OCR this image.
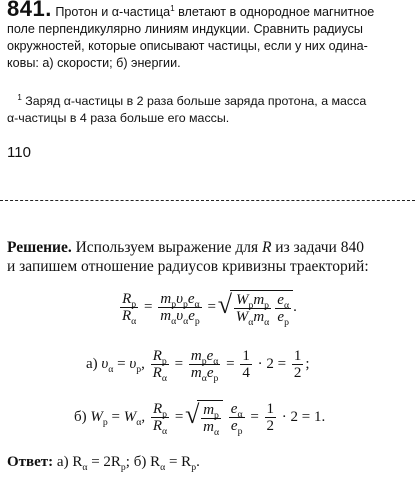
841. Протон и α-частица$^1$ влетают в однородное магнитное
поле перпендикулярно линиям индукции. Сравнить радиусы
окружностей, которые описывают частицы, если у них одина-
ковы: а) скорости; б) энергии.
$^1$ Заряд α-частицы в 2 раза больше заряда протона, а масса
α-частицы в 4 раза больше его массы.
110
Решение. Используем выражение для R из задачи 840
и запишем отношение радиусов кривизны траекторий:
$\frac{R_p}{R_\alpha} = \frac{m_p\upsilon_pe_\alpha}{m_\alpha\upsilon_\alpha e_p}$ = √ $\frac{W_pm_p}{W_\alpha m_\alpha} \frac{e_\alpha}{e_p}$ .
а) $\upsilon_\alpha = \upsilon_p$, $\frac{R_p}{R_\alpha} = \frac{m_pe_\alpha}{m_\alpha e_p} = \frac{1}{4} \cdot 2 = \frac{1}{2}$ ;
б) $W_p = W_\alpha$, $\frac{R_p}{R_\alpha}$ = √ $\frac{m_p}{m_\alpha}$
$\frac{e_\alpha}{e_p} = \frac{1}{2} \cdot 2 = 1$.
Ответ: а) $R_\alpha = 2R_p$; б) $R_\alpha = R_p$.
